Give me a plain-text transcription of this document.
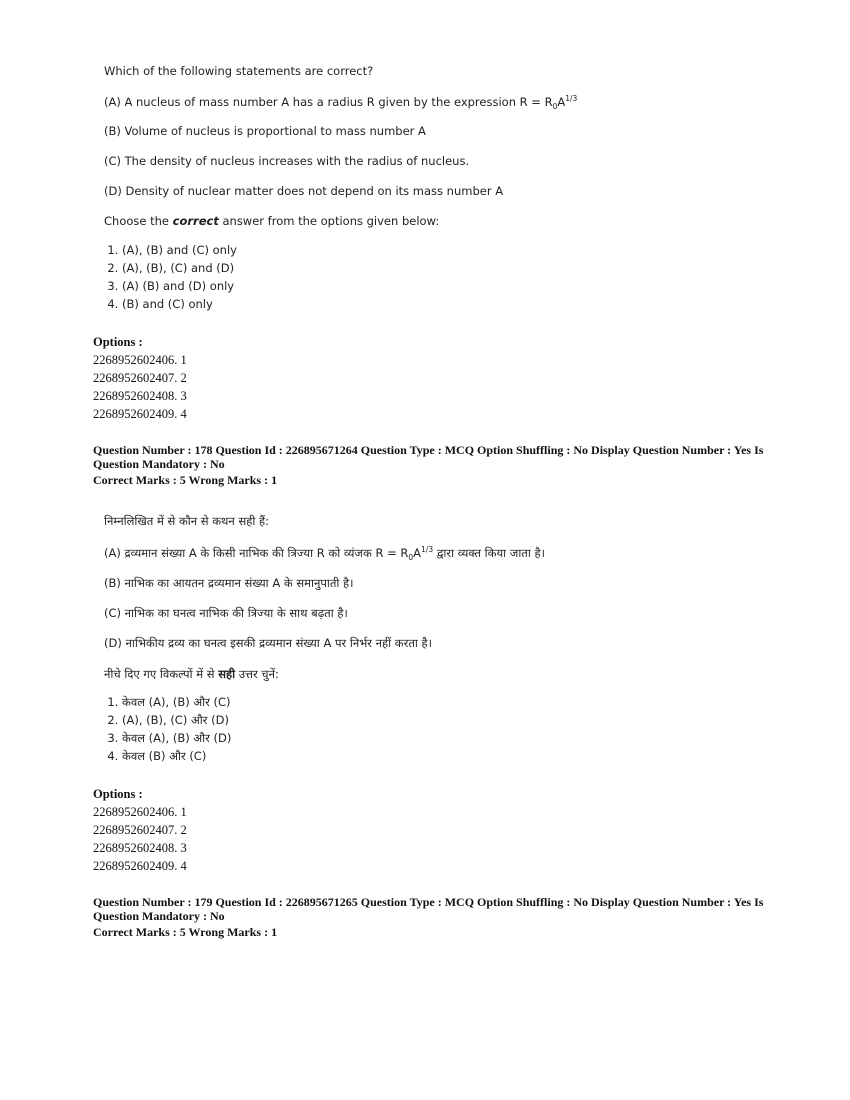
Which of the following statements are correct?

(A) A nucleus of mass number A has a radius R given by the expression $R = R_0A^{1/3}$

(B) Volume of nucleus is proportional to mass number A

(C) The density of nucleus increases with the radius of nucleus.

(D) Density of nuclear matter does not depend on its mass number A

Choose the correct answer from the options given below:

1. (A), (B) and (C) only
2. (A), (B), (C) and (D)
3. (A) (B) and (D) only
4. (B) and (C) only
Options :
2268952602406. 1
2268952602407. 2
2268952602408. 3
2268952602409. 4
Question Number : 178 Question Id : 226895671264 Question Type : MCQ Option Shuffling : No Display Question Number : Yes Is Question Mandatory : No
Correct Marks : 5 Wrong Marks : 1

निम्नलिखित में से कौन से कथन सही हैं:

(A) द्रव्यमान संख्या A के किसी नाभिक की त्रिज्या R को व्यंजक $R = R_0A^{1/3}$ द्वारा व्यक्त किया जाता है।

(B) नाभिक का आयतन द्रव्यमान संख्या A के समानुपाती है।

(C) नाभिक का घनत्व नाभिक की त्रिज्या के साथ बढ़ता है।

(D) नाभिकीय द्रव्य का घनत्व इसकी द्रव्यमान संख्या A पर निर्भर नहीं करता है।

नीचे दिए गए विकल्पों में से सही उत्तर चुनें:

1. केवल (A), (B) और (C)
2. (A), (B), (C) और (D)
3. केवल (A), (B) और (D)
4. केवल (B) और (C)
Options :
2268952602406. 1
2268952602407. 2
2268952602408. 3
2268952602409. 4
Question Number : 179 Question Id : 226895671265 Question Type : MCQ Option Shuffling : No Display Question Number : Yes Is Question Mandatory : No
Correct Marks : 5 Wrong Marks : 1
